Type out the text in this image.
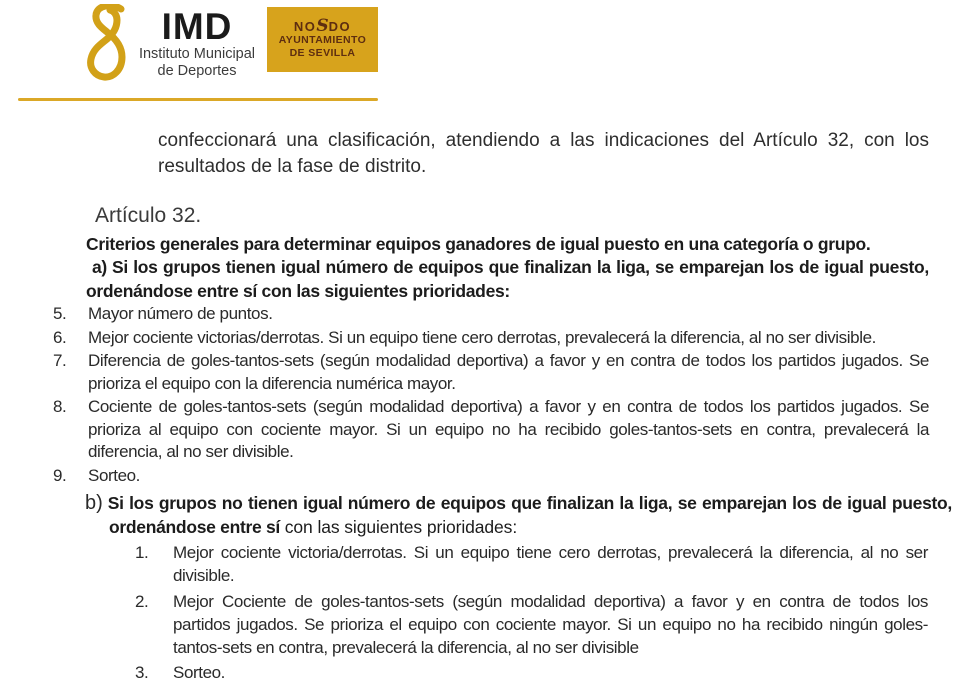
IMD
Instituto Municipal
de Deportes
NOSDO
AYUNTAMIENTO
DE SEVILLA

confeccionará una clasificación, atendiendo a las indicaciones del Artículo 32, con los resultados de la fase de distrito.

Artículo 32.

Criterios generales para determinar equipos ganadores de igual puesto en una categoría o grupo.

a) Si los grupos tienen igual número de equipos que finalizan la liga, se emparejan los de igual puesto, ordenándose entre sí con las siguientes prioridades:

5.	Mayor número de puntos.
6.	Mejor cociente victorias/derrotas. Si un equipo tiene cero derrotas, prevalecerá la diferencia, al no ser divisible.
7.	Diferencia de goles-tantos-sets (según modalidad deportiva) a favor y en contra de todos los partidos jugados. Se prioriza el equipo con la diferencia numérica mayor.
8.	Cociente de goles-tantos-sets (según modalidad deportiva) a favor y en contra de todos los partidos jugados. Se prioriza al equipo con cociente mayor. Si un equipo no ha recibido goles-tantos-sets en contra, prevalecerá la diferencia, al no ser divisible.
9.	Sorteo.

b) Si los grupos no tienen igual número de equipos que finalizan la liga, se emparejan los de igual puesto, ordenándose entre sí con las siguientes prioridades:

1.	Mejor cociente victoria/derrotas. Si un equipo tiene cero derrotas, prevalecerá la diferencia, al no ser divisible.
2.	Mejor Cociente de goles-tantos-sets (según modalidad deportiva) a favor y en contra de todos los partidos jugados. Se prioriza el equipo con cociente mayor. Si un equipo no ha recibido ningún goles-tantos-sets en contra, prevalecerá la diferencia, al no ser divisible
3.	Sorteo.
